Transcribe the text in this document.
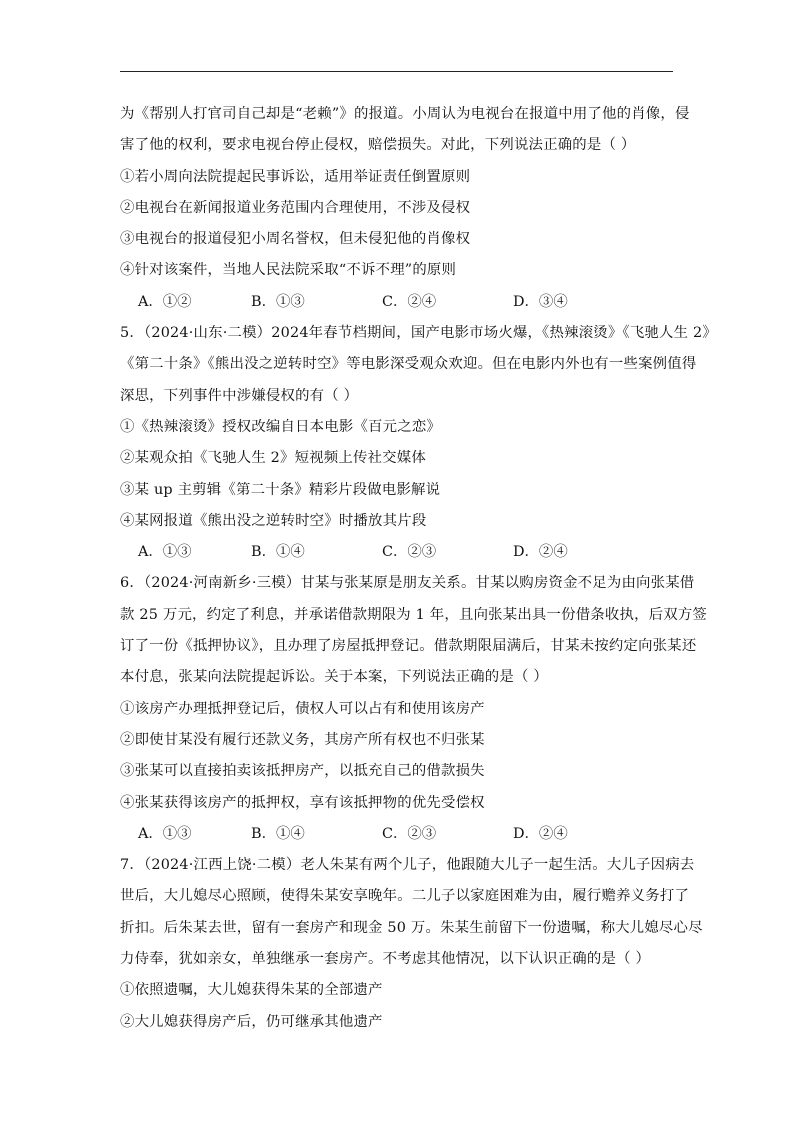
为《帮别人打官司自己却是“老赖”》的报道。小周认为电视台在报道中用了他的肖像，侵
害了他的权利，要求电视台停止侵权，赔偿损失。对此，下列说法正确的是（ ）
①若小周向法院提起民事诉讼，适用举证责任倒置原则
②电视台在新闻报道业务范围内合理使用，不涉及侵权
③电视台的报道侵犯小周名誉权，但未侵犯他的肖像权
④针对该案件，当地人民法院采取“不诉不理”的原则
A．①②	B．①③	C．②④	D．③④
5．（2024·山东·二模）2024年春节档期间，国产电影市场火爆，《热辣滚烫》《飞驰人生 2》
《第二十条》《熊出没之逆转时空》等电影深受观众欢迎。但在电影内外也有一些案例值得
深思，下列事件中涉嫌侵权的有（ ）
①《热辣滚烫》授权改编自日本电影《百元之恋》
②某观众拍《飞驰人生 2》短视频上传社交媒体
③某 up 主剪辑《第二十条》精彩片段做电影解说
④某网报道《熊出没之逆转时空》时播放其片段
A．①③	B．①④	C．②③	D．②④
6．（2024·河南新乡·三模）甘某与张某原是朋友关系。甘某以购房资金不足为由向张某借
款 25 万元，约定了利息，并承诺借款期限为 1 年，且向张某出具一份借条收执，后双方签
订了一份《抵押协议》，且办理了房屋抵押登记。借款期限届满后，甘某未按约定向张某还
本付息，张某向法院提起诉讼。关于本案，下列说法正确的是（ ）
①该房产办理抵押登记后，债权人可以占有和使用该房产
②即使甘某没有履行还款义务，其房产所有权也不归张某
③张某可以直接拍卖该抵押房产，以抵充自己的借款损失
④张某获得该房产的抵押权，享有该抵押物的优先受偿权
A．①③	B．①④	C．②③	D．②④
7．（2024·江西上饶·二模）老人朱某有两个儿子，他跟随大儿子一起生活。大儿子因病去
世后，大儿媳尽心照顾，使得朱某安享晚年。二儿子以家庭困难为由，履行赡养义务打了
折扣。后朱某去世，留有一套房产和现金 50 万。朱某生前留下一份遗嘱，称大儿媳尽心尽
力侍奉，犹如亲女，单独继承一套房产。不考虑其他情况，以下认识正确的是（ ）
①依照遗嘱，大儿媳获得朱某的全部遗产
②大儿媳获得房产后，仍可继承其他遗产
